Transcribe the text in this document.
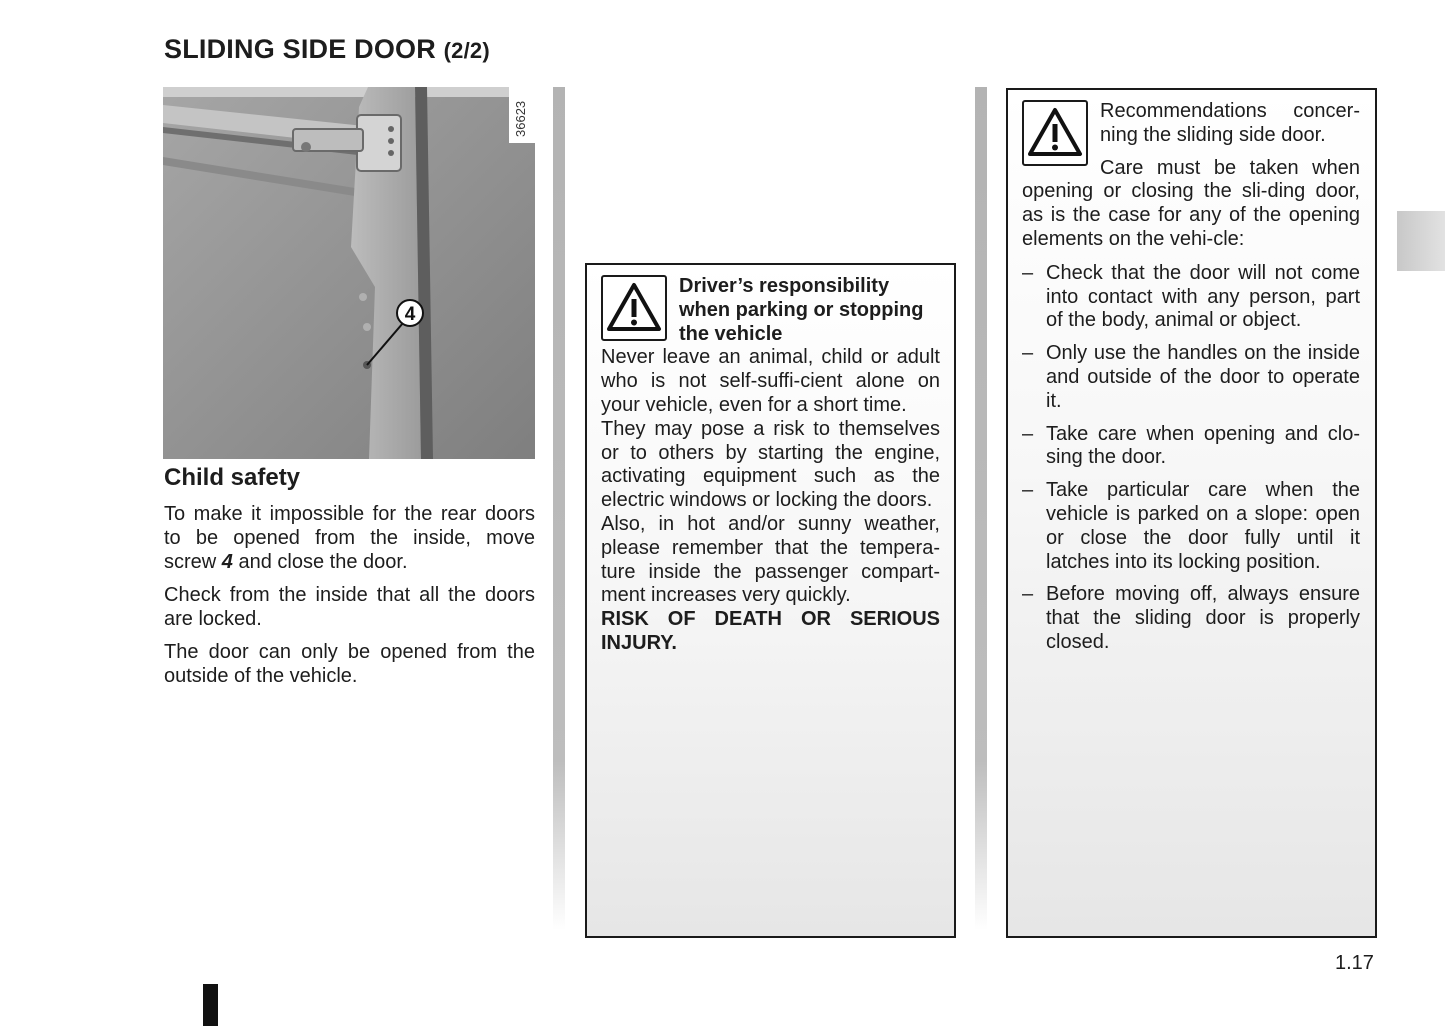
SLIDING SIDE DOOR (2/2)
4
36623
Child safety

To make it impossible for the rear doors to be opened from the inside, move screw 4 and close the door.

Check from the inside that all the doors are locked.

The door can only be opened from the outside of the vehicle.

Driver’s responsibility when parking or stopping the vehicle

Never leave an animal, child or adult who is not self-suffi-cient alone on your vehicle, even for a short time.

They may pose a risk to themselves or to others by starting the engine, activating equipment such as the electric windows or locking the doors.

Also, in hot and/or sunny weather, please remember that the tempera-ture inside the passenger compart-ment increases very quickly.

RISK OF DEATH OR SERIOUS INJURY.

Recommendations concer-ning the sliding side door.

Care must be taken when opening or closing the sli-ding door, as is the case for any of the opening elements on the vehi-cle:

– Check that the door will not come into contact with any person, part of the body, animal or object.
– Only use the handles on the inside and outside of the door to operate it.
– Take care when opening and clo-sing the door.
– Take particular care when the vehicle is parked on a slope: open or close the door fully until it latches into its locking position.
– Before moving off, always ensure that the sliding door is properly closed.
1.17
